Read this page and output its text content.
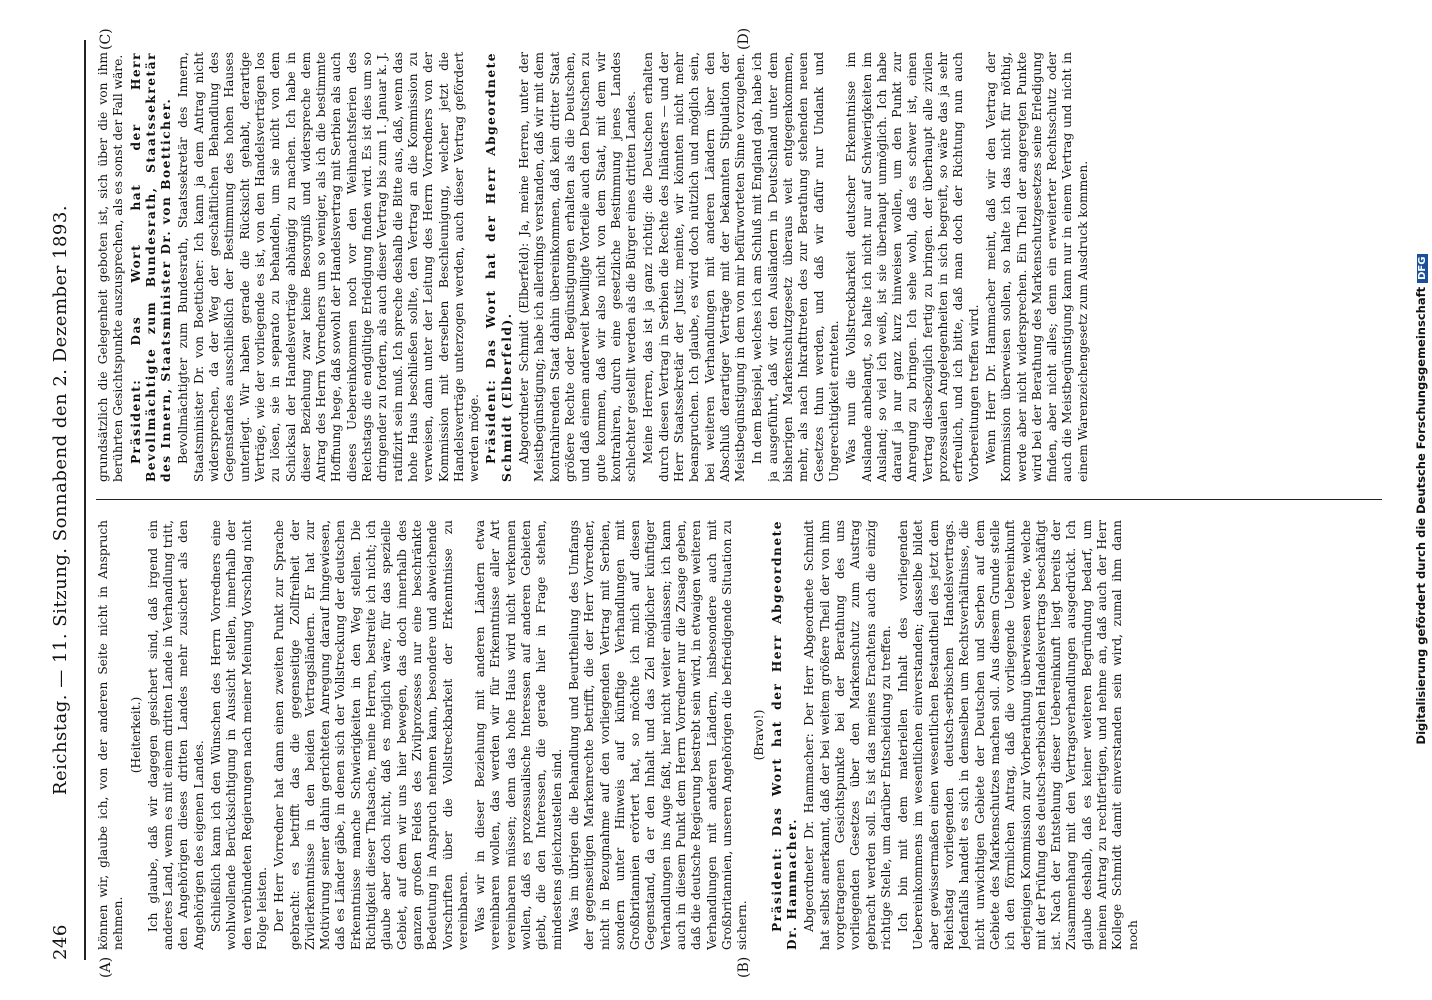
246
Reichstag. — 11. Sitzung. Sonnabend den 2. Dezember 1893.
(A)	(B)
(C)	(D)

können wir, glaube ich, von der anderen Seite nicht in Anspruch nehmen.

(Heiterkeit.) Ich glaube, daß wir dagegen gesichert sind, daß irgend ein anderes Land, wenn es mit einem dritten Lande in Verhandlung tritt, den Angehörigen dieses dritten Landes mehr zusichert als den Angehörigen des eigenen Landes. Schließlich kann ich den Wünschen des Herrn Vorredners eine wohlwollende Berücksichtigung in Aussicht stellen, innerhalb der den verbündeten Regierungen nach meiner Meinung Vorschlag nicht Folge leisten. Der Herr Vorredner hat dann einen zweiten Punkt zur Sprache gebracht: es betrifft das die gegenseitige Zollfreiheit der Zivilerkenntnisse in den beiden Vertragsländern. Er hat zur Motivirung seiner dahin gerichteten Anregung darauf hingewiesen, daß es Länder gäbe, in denen sich der Vollstreckung der deutschen Erkenntnisse manche Schwierigkeiten in den Weg stellen. Die Richtigkeit dieser Thatsache, meine Herren, bestreite ich nicht; ich glaube aber doch nicht, daß es möglich wäre, für das spezielle Gebiet, auf dem wir uns hier bewegen, das doch innerhalb des ganzen großen Feldes des Zivilprozesses nur eine beschränkte Bedeutung in Anspruch nehmen kann, besondere und abweichende Vorschriften über die Vollstreckbarkeit der Erkenntnisse zu vereinbaren. Was wir in dieser Beziehung mit anderen Ländern etwa vereinbaren wollen, das werden wir für Erkenntnisse aller Art vereinbaren müssen; denn das hohe Haus wird nicht verkennen wollen, daß es prozessualische Interessen auf anderen Gebieten giebt, die den Interessen, die gerade hier in Frage stehen, mindestens gleichzustellen sind. Was im übrigen die Behandlung und Beurtheilung des Umfangs der gegenseitigen Markenrechte betrifft, die der Herr Vorredner, nicht in Bezugnahme auf den vorliegenden Vertrag mit Serbien, sondern unter Hinweis auf künftige Verhandlungen mit Großbritannien erörtert hat, so möchte ich mich auf diesen Gegenstand, da er den Inhalt und das Ziel möglicher künftiger Verhandlungen ins Auge faßt, hier nicht weiter einlassen; ich kann auch in diesem Punkt dem Herrn Vorredner nur die Zusage geben, daß die deutsche Regierung bestrebt sein wird, in etwaigen weiteren Verhandlungen mit anderen Ländern, insbesondere auch mit Großbritannien, unseren Angehörigen die befriedigende Situation zu sichern.

(Bravo!) Präsident: Das Wort hat der Herr Abgeordnete Dr. Hammacher. Abgeordneter Dr. Hammacher: Der Herr Abgeordnete Schmidt hat selbst anerkannt, daß der bei weitem größere Theil der von ihm vorgetragenen Gesichtspunkte bei der Berathung des uns vorliegenden Gesetzes über den Markenschutz zum Austrag gebracht werden soll. Es ist das meines Erachtens auch die einzig richtige Stelle, um darüber Entscheidung zu treffen. Ich bin mit dem materiellen Inhalt des vorliegenden Uebereinkommens im wesentlichen einverstanden; dasselbe bildet aber gewissermaßen einen wesentlichen Bestandtheil des jetzt dem Reichstag vorliegenden deutsch-serbischen Handelsvertrags. Jedenfalls handelt es sich in demselben um Rechtsverhältnisse, die nicht unwichtigen Gebiete der Deutschen und Serben auf dem Gebiete des Markenschutzes machen soll. Aus diesem Grunde stelle ich den förmlichen Antrag, daß die vorliegende Uebereinkunft derjenigen Kommission zur Vorberathung überwiesen werde, welche mit der Prüfung des deutsch-serbischen Handelsvertrags beschäftigt ist. Nach der Entstehung dieser Uebereinkunft liegt bereits der Zusammenhang mit den Vertragsverhandlungen ausgedrückt. Ich glaube deshalb, daß es keiner weiteren Begründung bedarf, um meinen Antrag zu rechtfertigen, und nehme an, daß auch der Herr Kollege Schmidt damit einverstanden sein wird, zumal ihm dann noch

grundsätzlich die Gelegenheit geboten ist, sich über die von ihm berührten Gesichtspunkte auszusprechen, als es sonst der Fall wäre. Präsident: Das Wort hat der Herr Bevollmächtigte zum Bundesrath, Staatssekretär des Innern, Staatsminister Dr. von Boetticher. Bevollmächtigter zum Bundesrath, Staatssekretär des Innern, Staatsminister Dr. von Boetticher: Ich kann ja dem Antrag nicht widersprechen, da der Weg der geschäftlichen Behandlung des Gegenstandes ausschließlich der Bestimmung des hohen Hauses unterliegt. Wir haben gerade die Rücksicht gehabt, derartige Verträge, wie der vorliegende es ist, von den Handelsverträgen los zu lösen, sie in separato zu behandeln, um sie nicht von dem Schicksal der Handelsverträge abhängig zu machen. Ich habe in dieser Beziehung zwar keine Besorgniß und widerspreche dem Antrag des Herrn Vorredners um so weniger, als ich die bestimmte Hoffnung hege, daß sowohl der Handelsvertrag mit Serbien als auch dieses Uebereinkommen noch vor den Weihnachtsferien des Reichstags die endgültige Erledigung finden wird. Es ist dies um so dringender zu fordern, als auch dieser Vertrag bis zum 1. Januar k. J. ratifizirt sein muß. Ich spreche deshalb die Bitte aus, daß, wenn das hohe Haus beschließen sollte, den Vertrag an die Kommission zu verweisen, dann unter der Leitung des Herrn Vorredners von der Kommission mit derselben Beschleunigung, welcher jetzt die Handelsverträge unterzogen werden, auch dieser Vertrag gefördert werden möge. Präsident: Das Wort hat der Herr Abgeordnete Schmidt (Elberfeld). Abgeordneter Schmidt (Elberfeld): Ja, meine Herren, unter der Meistbegünstigung; habe ich allerdings verstanden, daß wir mit dem kontrahirenden Staat dahin übereinkommen, daß kein dritter Staat größere Rechte oder Begünstigungen erhalten als die Deutschen, und daß einem anderweit bewilligte Vorteile auch den Deutschen zu gute kommen, daß wir also nicht von dem Staat, mit dem wir kontrahiren, durch eine gesetzliche Bestimmung jenes Landes schlechter gestellt werden als die Bürger eines dritten Landes. Meine Herren, das ist ja ganz richtig: die Deutschen erhalten durch diesen Vertrag in Serbien die Rechte des Inländers — und der Herr Staatssekretär der Justiz meinte, wir könnten nicht mehr beanspruchen. Ich glaube, es wird doch nützlich und möglich sein, bei weiteren Verhandlungen mit anderen Ländern über den Abschluß derartiger Verträge mit der bekannten Stipulation der Meistbegünstigung in dem von mir befürworteten Sinne vorzugehen. In dem Beispiel, welches ich am Schluß mit England gab, habe ich ja ausgeführt, daß wir den Ausländern in Deutschland unter dem bisherigen Markenschutzgesetz überaus weit entgegenkommen, mehr, als nach Inkrafttreten des zur Berathung stehenden neuen Gesetzes thun werden, und daß wir dafür nur Undank und Ungerechtigkeit ernteten. Was nun die Vollstreckbarkeit deutscher Erkenntnisse im Auslande anbelangt, so halte ich nicht nur auf Schwierigkeiten im Ausland; so viel ich weiß, ist sie überhaupt unmöglich. Ich habe darauf ja nur ganz kurz hinweisen wollen, um den Punkt zur Anregung zu bringen. Ich sehe wohl, daß es schwer ist, einen Vertrag diesbezüglich fertig zu bringen. der überhaupt alle zivilen prozessualen Angelegenheiten in sich begreift, so wäre das ja sehr erfreulich, und ich bitte, daß man doch der Richtung nun auch Vorbereitungen treffen wird. Wenn Herr Dr. Hammacher meint, daß wir den Vertrag der Kommission überweisen sollen, so halte ich das nicht für nöthig, werde aber nicht widersprechen. Ein Theil der angeregten Punkte wird bei der Berathung des Markenschutzgesetzes seine Erledigung finden, aber nicht alles; denn ein erweiterter Rechtsschutz oder auch die Meistbegünstigung kann nur in einem Vertrag und nicht in einem Warenzeichengesetz zum Ausdruck kommen.	Digitalisierung gefördert durch die Deutsche ForschungsgemeinschaftDFG
